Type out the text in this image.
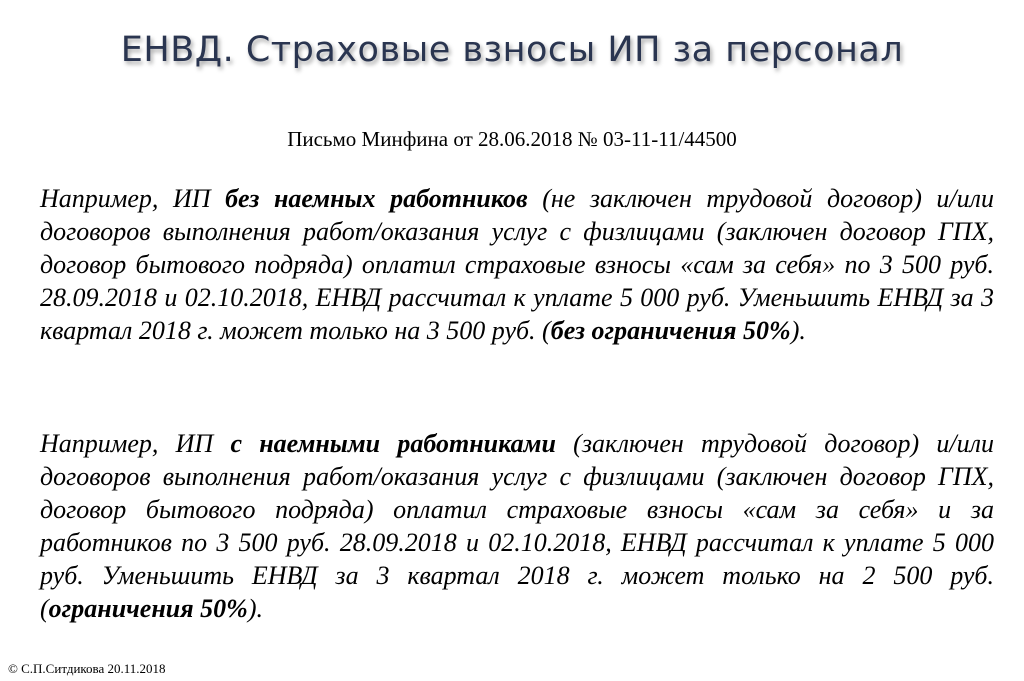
ЕНВД. Страховые взносы ИП за персонал
Письмо Минфина от 28.06.2018 № 03-11-11/44500
Например, ИП без наемных работников (не заключен трудовой договор) и/или договоров выполнения работ/оказания услуг с физлицами (заключен договор ГПХ, договор бытового подряда) оплатил страховые взносы «сам за себя» по 3 500 руб. 28.09.2018 и 02.10.2018, ЕНВД рассчитал к уплате 5 000 руб. Уменьшить ЕНВД за 3 квартал 2018 г. может только на 3 500 руб. (без ограничения 50%).
Например, ИП с наемными работниками (заключен трудовой договор) и/или договоров выполнения работ/оказания услуг с физлицами (заключен договор ГПХ, договор бытового подряда) оплатил страховые взносы «сам за себя» и за работников по 3 500 руб. 28.09.2018 и 02.10.2018, ЕНВД рассчитал к уплате 5 000 руб. Уменьшить ЕНВД за 3 квартал 2018 г. может только на 2 500 руб. (ограничения 50%).
© С.П.Ситдикова 20.11.2018
